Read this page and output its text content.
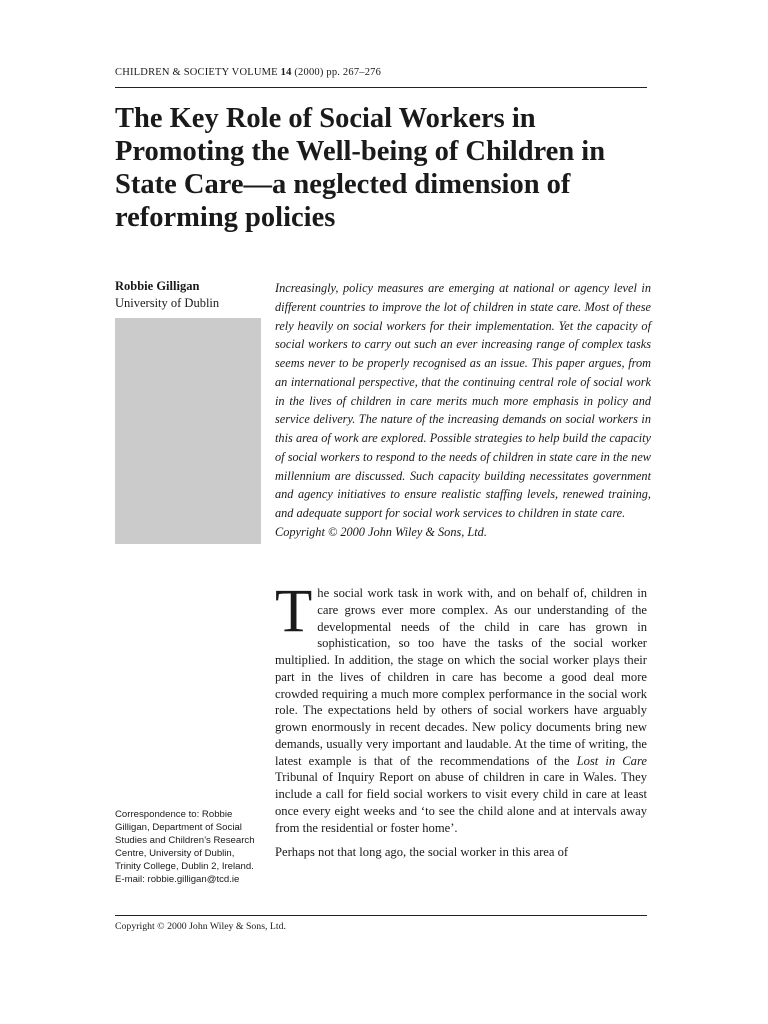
CHILDREN & SOCIETY VOLUME 14 (2000) pp. 267–276
The Key Role of Social Workers in Promoting the Well-being of Children in State Care—a neglected dimension of reforming policies
Robbie Gilligan
University of Dublin
Increasingly, policy measures are emerging at national or agency level in different countries to improve the lot of children in state care. Most of these rely heavily on social workers for their implementation. Yet the capacity of social workers to carry out such an ever increasing range of complex tasks seems never to be properly recognised as an issue. This paper argues, from an international perspective, that the continuing central role of social work in the lives of children in care merits much more emphasis in policy and service delivery. The nature of the increasing demands on social workers in this area of work are explored. Possible strategies to help build the capacity of social workers to respond to the needs of children in state care in the new millennium are discussed. Such capacity building necessitates government and agency initiatives to ensure realistic staffing levels, renewed training, and adequate support for social work services to children in state care.
Copyright © 2000 John Wiley & Sons, Ltd.

The social work task in work with, and on behalf of, children in care grows ever more complex. As our understanding of the developmental needs of the child in care has grown in sophistication, so too have the tasks of the social worker multiplied. In addition, the stage on which the social worker plays their part in the lives of children in care has become a good deal more crowded requiring a much more complex performance in the social work role. The expectations held by others of social workers have arguably grown enormously in recent decades. New policy documents bring new demands, usually very important and laudable. At the time of writing, the latest example is that of the recommendations of the Lost in Care Tribunal of Inquiry Report on abuse of children in care in Wales. They include a call for field social workers to visit every child in care at least once every eight weeks and ‘to see the child alone and at intervals away from the residential or foster home’.

Perhaps not that long ago, the social worker in this area of

Correspondence to: Robbie Gilligan, Department of Social Studies and Children’s Research Centre, University of Dublin, Trinity College, Dublin 2, Ireland. E-mail: robbie.gilligan@tcd.ie
Copyright © 2000 John Wiley & Sons, Ltd.
